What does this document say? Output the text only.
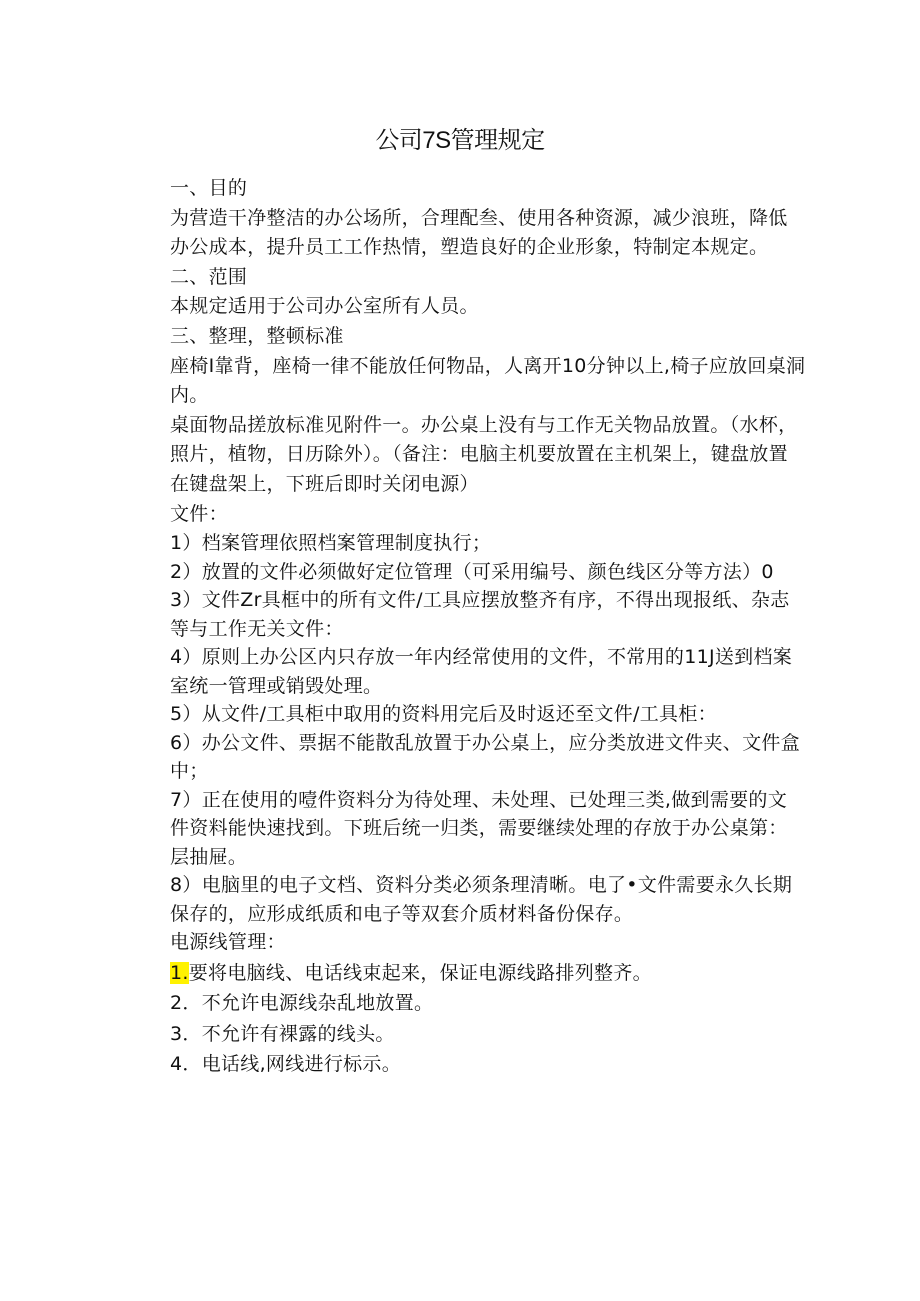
公司7S管理规定

一、目的

为营造干净整洁的办公场所，合理配叁、使用各种资源，减少浪班，降低办公成本，提升员工工作热情，塑造良好的企业形象，特制定本规定。

二、范围

本规定适用于公司办公室所有人员。

三、整理，整顿标准

座椅I靠背，座椅一律不能放任何物品，人离开10分钟以上,椅子应放回桌洞内。

桌面物品搓放标准见附件一。办公桌上没有与工作无关物品放置。（水杯，照片，植物，日历除外）。（备注：电脑主机要放置在主机架上，键盘放置在键盘架上，下班后即时关闭电源）

文件：

1）档案管理依照档案管理制度执行；

2）放置的文件必须做好定位管理（可采用编号、颜色线区分等方法）0

3）文件Zr具框中的所有文件/工具应摆放整齐有序，不得出现报纸、杂志等与工作无关文件：

4）原则上办公区内只存放一年内经常使用的文件，不常用的11J送到档案室统一管理或销毁处理。

5）从文件/工具柜中取用的资料用完后及时返还至文件/工具柜：

6）办公文件、票据不能散乱放置于办公桌上，应分类放进文件夹、文件盒中；

7）正在使用的噎件资料分为待处理、未处理、已处理三类,做到需要的文件资料能快速找到。下班后统一归类，需要继续处理的存放于办公桌第：层抽屉。

8）电脑里的电子文档、资料分类必须条理清晰。电了•文件需要永久长期保存的，应形成纸质和电子等双套介质材料备份保存。

电源线管理：

1.要将电脑线、电话线束起来，保证电源线路排列整齐。

2．不允许电源线杂乱地放置。

3．不允许有裸露的线头。

4．电话线,网线进行标示。
